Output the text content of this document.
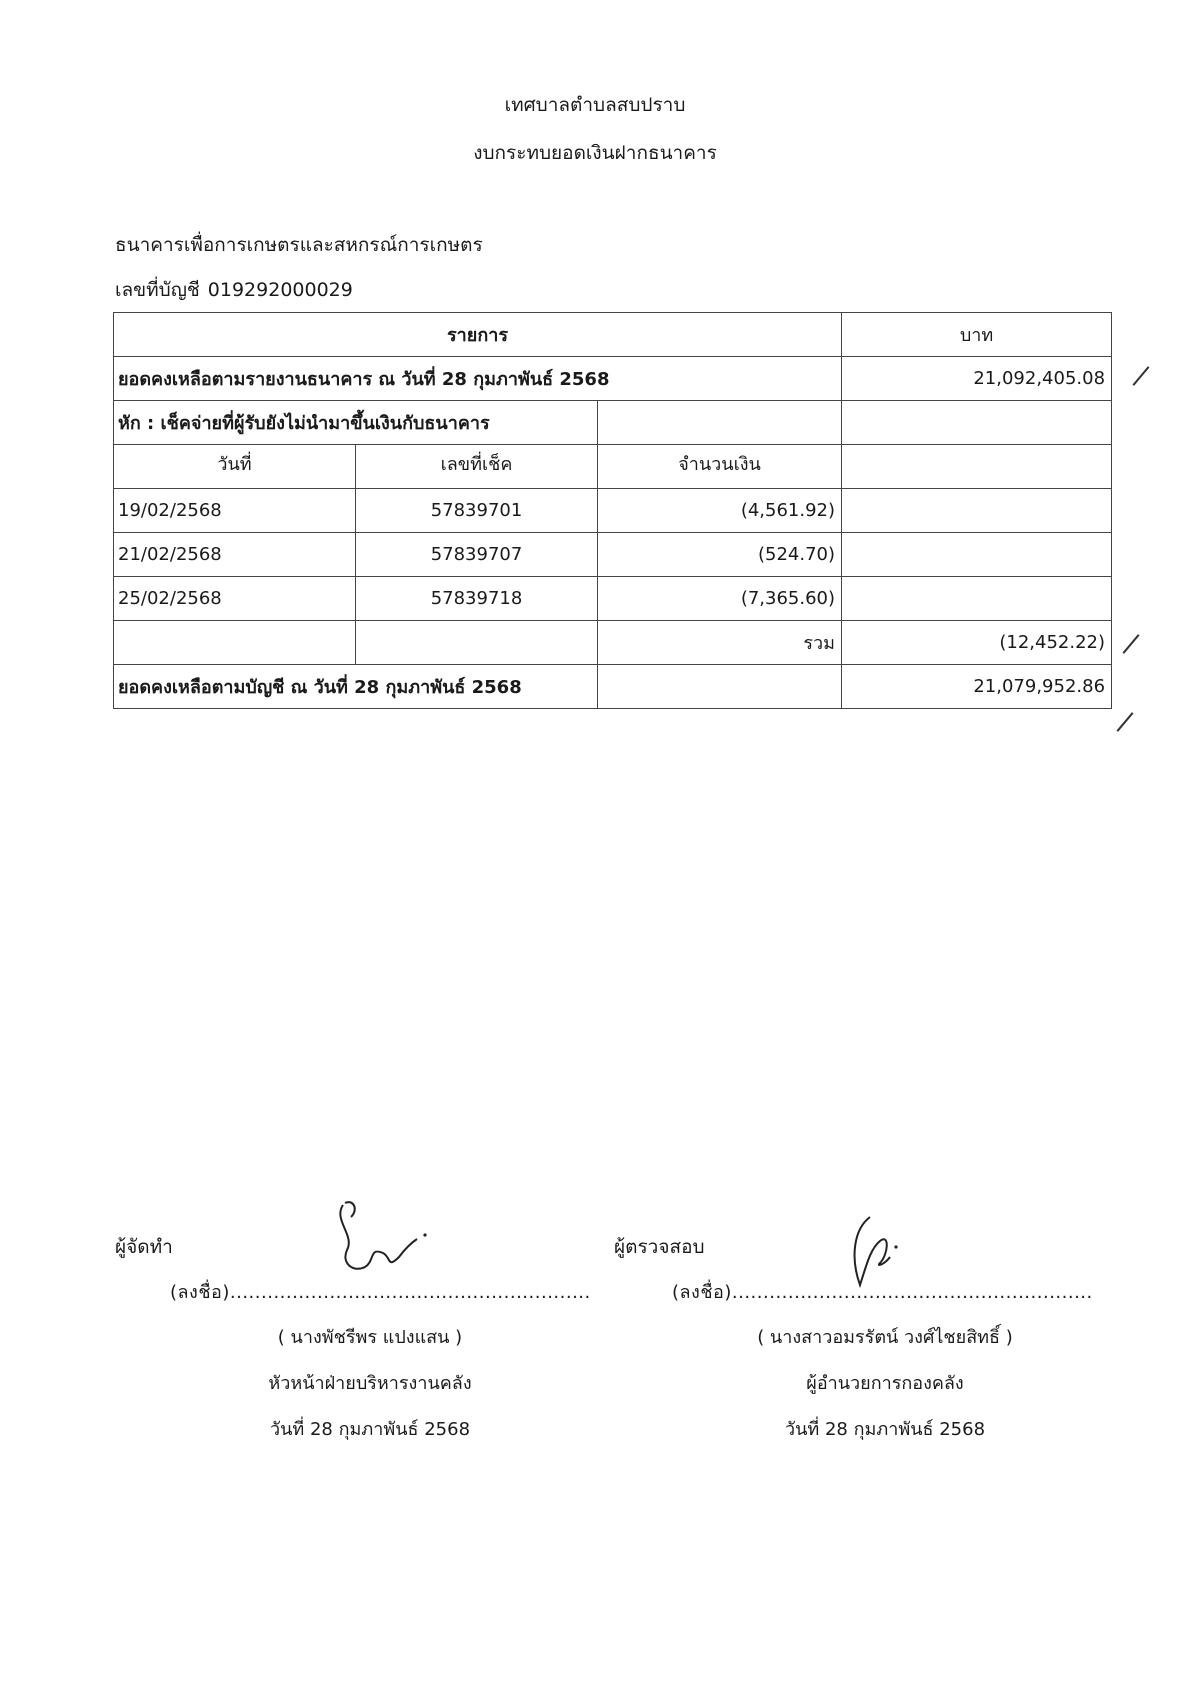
เทศบาลตำบลสบปราบ
งบกระทบยอดเงินฝากธนาคาร
ธนาคารเพื่อการเกษตรและสหกรณ์การเกษตร
เลขที่บัญชี 019292000029
รายการ			บาท
ยอดคงเหลือตามรายงานธนาคาร ณ วันที่ 28 กุมภาพันธ์ 2568			21,092,405.08
หัก : เช็คจ่ายที่ผู้รับยังไม่นำมาขึ้นเงินกับธนาคาร			
วันที่	เลขที่เช็ค	จำนวนเงิน	
19/02/2568	57839701	(4,561.92)	
21/02/2568	57839707	(524.70)	
25/02/2568	57839718	(7,365.60)	
		รวม	(12,452.22)
ยอดคงเหลือตามบัญชี ณ วันที่ 28 กุมภาพันธ์ 2568			21,079,952.86
ผู้จัดทำ
(ลงชื่อ)..........................................................
( นางพัชรีพร แปงแสน )
หัวหน้าฝ่ายบริหารงานคลัง
วันที่ 28 กุมภาพันธ์ 2568
ผู้ตรวจสอบ
(ลงชื่อ)..........................................................
( นางสาวอมรรัตน์ วงศ์ไชยสิทธิ์ )
ผู้อำนวยการกองคลัง
วันที่ 28 กุมภาพันธ์ 2568
